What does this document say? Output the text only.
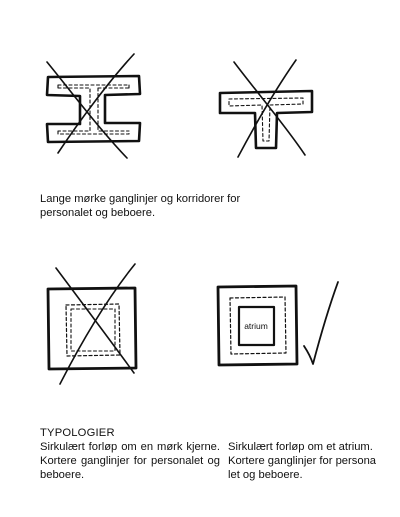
atrium
Lange mørke ganglinjer og korridorer for personalet og beboere.
TYPOLOGIER
Sirkulært forløp om en mørk kjerne. Kortere ganglinjer for personalet og beboere.
Sirkulært forløp om et atrium. Kortere ganglinjer for persona let og beboere.
